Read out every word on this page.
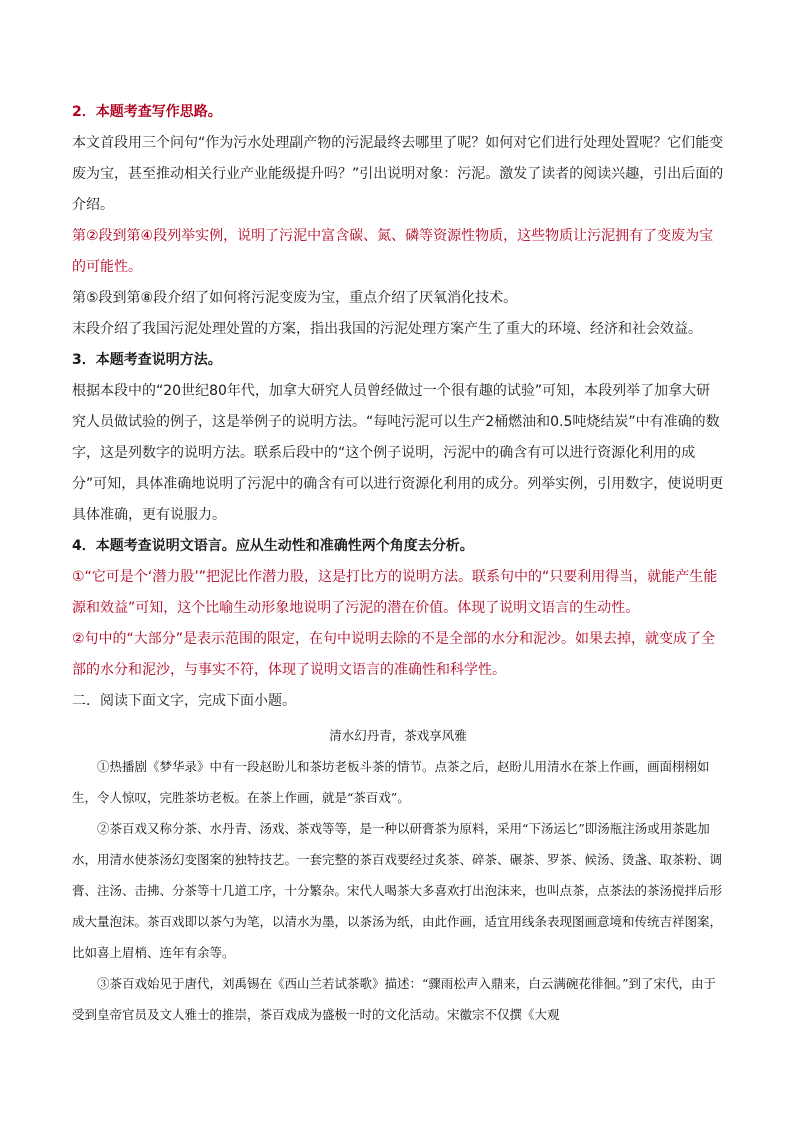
2．本题考查写作思路。

本文首段用三个问句“作为污水处理副产物的污泥最终去哪里了呢？如何对它们进行处理处置呢？它们能变废为宝，甚至推动相关行业产业能级提升吗？”引出说明对象：污泥。激发了读者的阅读兴趣，引出后面的介绍。

第②段到第④段列举实例，说明了污泥中富含碳、氮、磷等资源性物质，这些物质让污泥拥有了变废为宝的可能性。

第⑤段到第⑧段介绍了如何将污泥变废为宝，重点介绍了厌氧消化技术。

末段介绍了我国污泥处理处置的方案，指出我国的污泥处理方案产生了重大的环境、经济和社会效益。

3．本题考查说明方法。

根据本段中的“20世纪80年代，加拿大研究人员曾经做过一个很有趣的试验”可知，本段列举了加拿大研究人员做试验的例子，这是举例子的说明方法。“每吨污泥可以生产2桶燃油和0.5吨烧结炭”中有准确的数字，这是列数字的说明方法。联系后段中的“这个例子说明，污泥中的确含有可以进行资源化利用的成分”可知，具体准确地说明了污泥中的确含有可以进行资源化利用的成分。列举实例，引用数字，使说明更具体准确，更有说服力。

4．本题考查说明文语言。应从生动性和准确性两个角度去分析。

①“它可是个‘潜力股’”把泥比作潜力股，这是打比方的说明方法。联系句中的“只要利用得当，就能产生能源和效益”可知，这个比喻生动形象地说明了污泥的潜在价值。体现了说明文语言的生动性。

②句中的“大部分”是表示范围的限定，在句中说明去除的不是全部的水分和泥沙。如果去掉，就变成了全部的水分和泥沙，与事实不符，体现了说明文语言的准确性和科学性。

二．阅读下面文字，完成下面小题。

清水幻丹青，茶戏享风雅

①热播剧《梦华录》中有一段赵盼儿和茶坊老板斗茶的情节。点茶之后，赵盼儿用清水在茶上作画，画面栩栩如生，令人惊叹，完胜茶坊老板。在茶上作画，就是“茶百戏”。

②茶百戏又称分茶、水丹青、汤戏、茶戏等等，是一种以研膏茶为原料，采用“下汤运匕”即汤瓶注汤或用茶匙加水，用清水使茶汤幻变图案的独特技艺。一套完整的茶百戏要经过炙茶、碎茶、碾茶、罗茶、候汤、烫盏、取茶粉、调膏、注汤、击拂、分茶等十几道工序，十分繁杂。宋代人喝茶大多喜欢打出泡沫来，也叫点茶，点茶法的茶汤搅拌后形成大量泡沫。茶百戏即以茶勺为笔，以清水为墨，以茶汤为纸，由此作画，适宜用线条表现图画意境和传统吉祥图案，比如喜上眉梢、连年有余等。

③茶百戏始见于唐代，刘禹锡在《西山兰若试茶歌》描述：“骤雨松声入鼎来，白云满碗花徘徊。”到了宋代，由于受到皇帝官员及文人雅士的推崇，茶百戏成为盛极一时的文化活动。宋徽宗不仅撰《大观
